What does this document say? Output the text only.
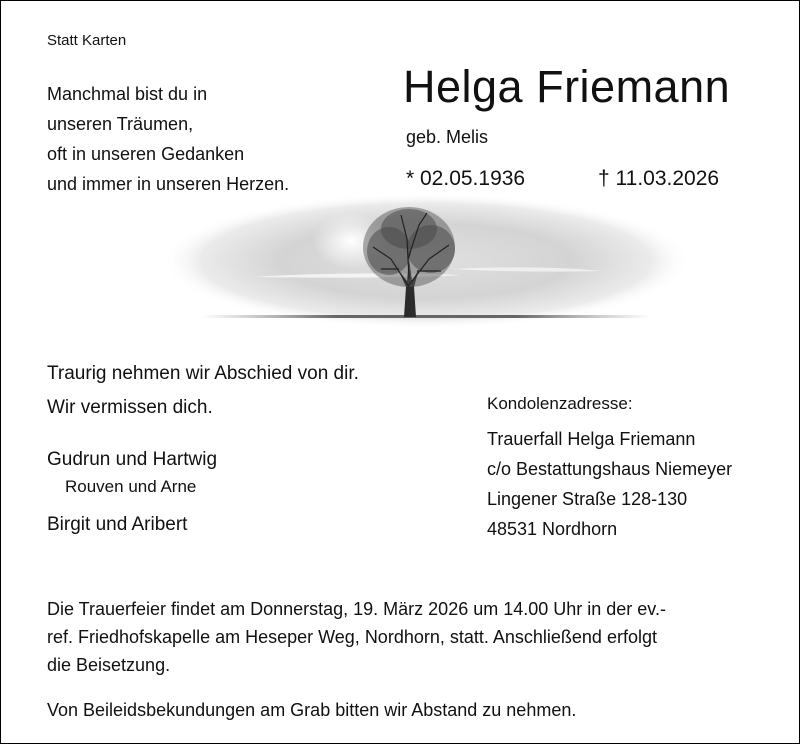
Statt Karten

Manchmal bist du in
unseren Träumen,
oft in unseren Gedanken
und immer in unseren Herzen.

Helga Friemann

geb. Melis

* 02.05.1936	† 11.03.2026

Traurig nehmen wir Abschied von dir.
Wir vermissen dich.

Gudrun und Hartwig

Rouven und Arne

Birgit und Aribert

Kondolenzadresse:

Trauerfall Helga Friemann
c/o Bestattungshaus Niemeyer
Lingener Straße 128-130
48531 Nordhorn

Die Trauerfeier findet am Donnerstag, 19. März 2026 um 14.00 Uhr in der ev.-
ref. Friedhofskapelle am Heseper Weg, Nordhorn, statt. Anschließend erfolgt
die Beisetzung.

Von Beileidsbekundungen am Grab bitten wir Abstand zu nehmen.
